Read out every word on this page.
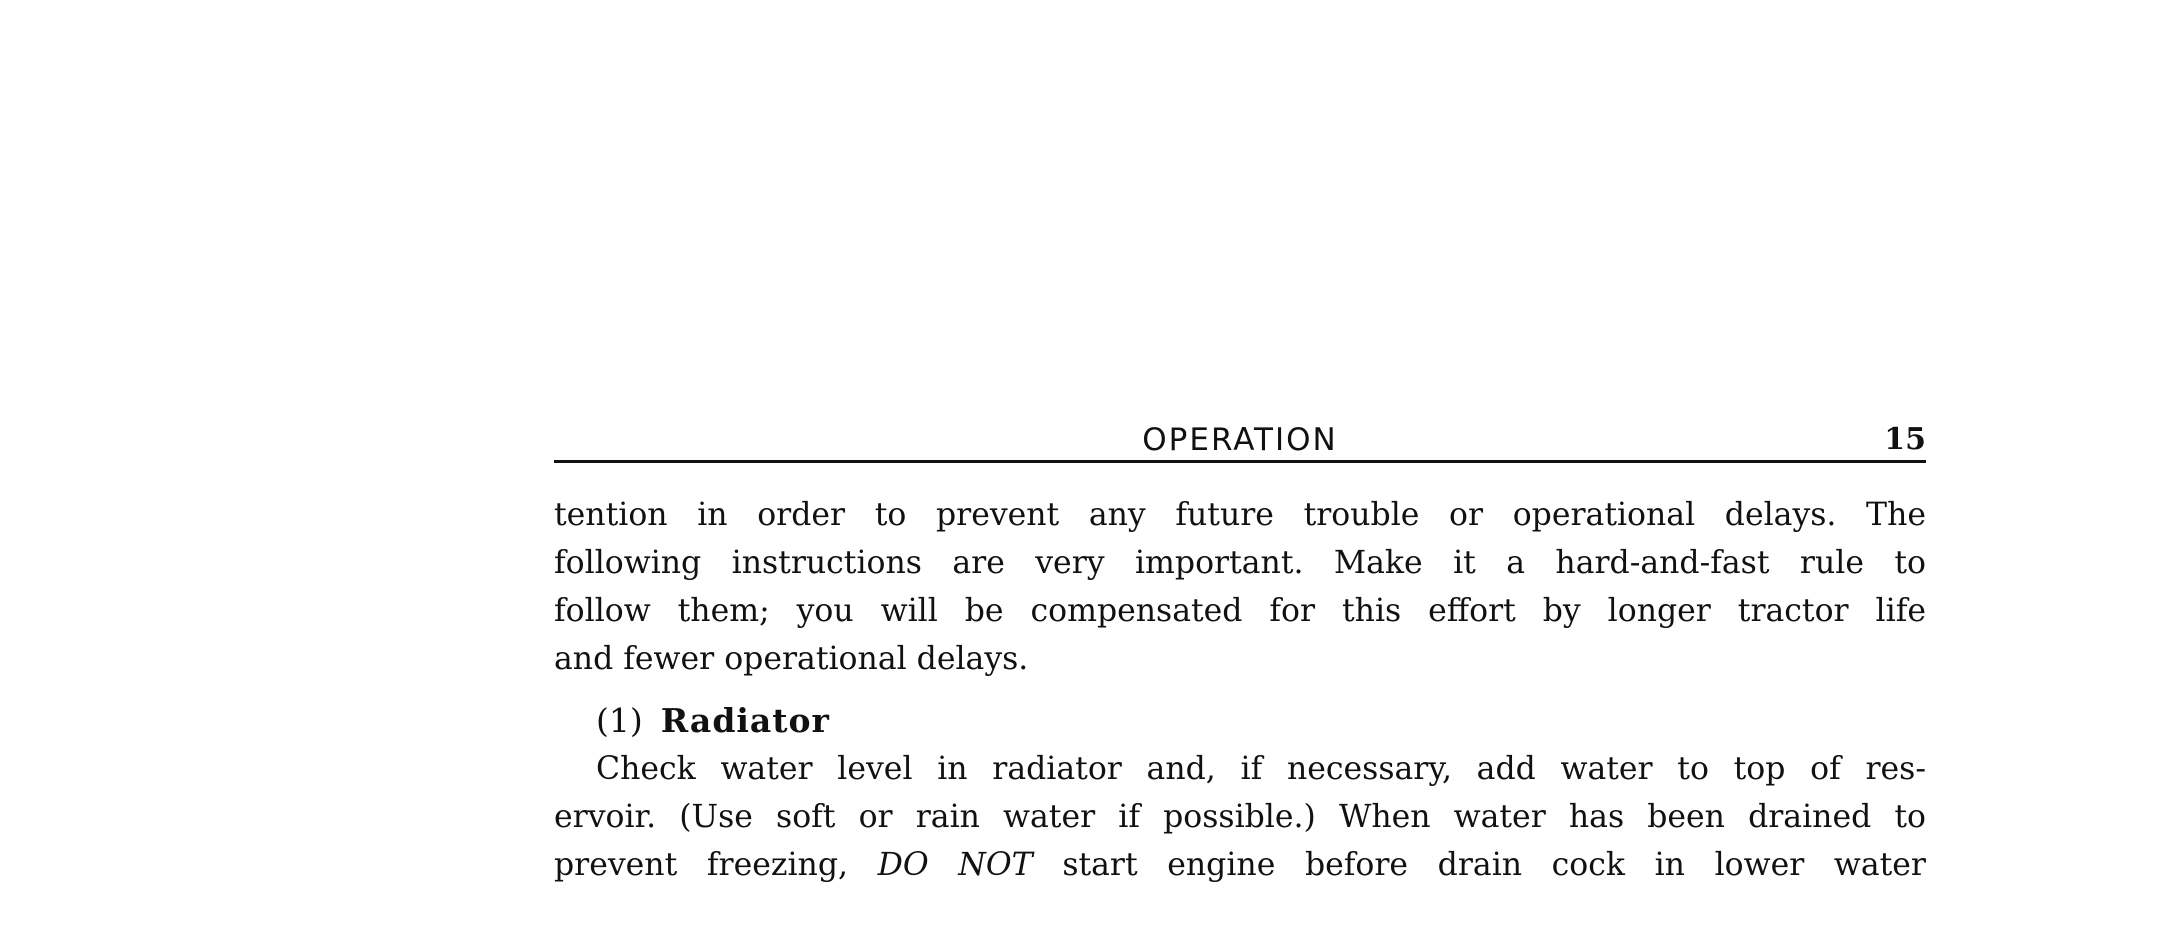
OPERATION	15

tention in order to prevent any future trouble or operational delays. The
following instructions are very important. Make it a hard-and-fast rule to
follow them; you will be compensated for this effort by longer tractor life
and fewer operational delays.

(1) Radiator

Check water level in radiator and, if necessary, add water to top of res-
ervoir. (Use soft or rain water if possible.) When water has been drained to
prevent freezing, DO NOT start engine before drain cock in lower water
